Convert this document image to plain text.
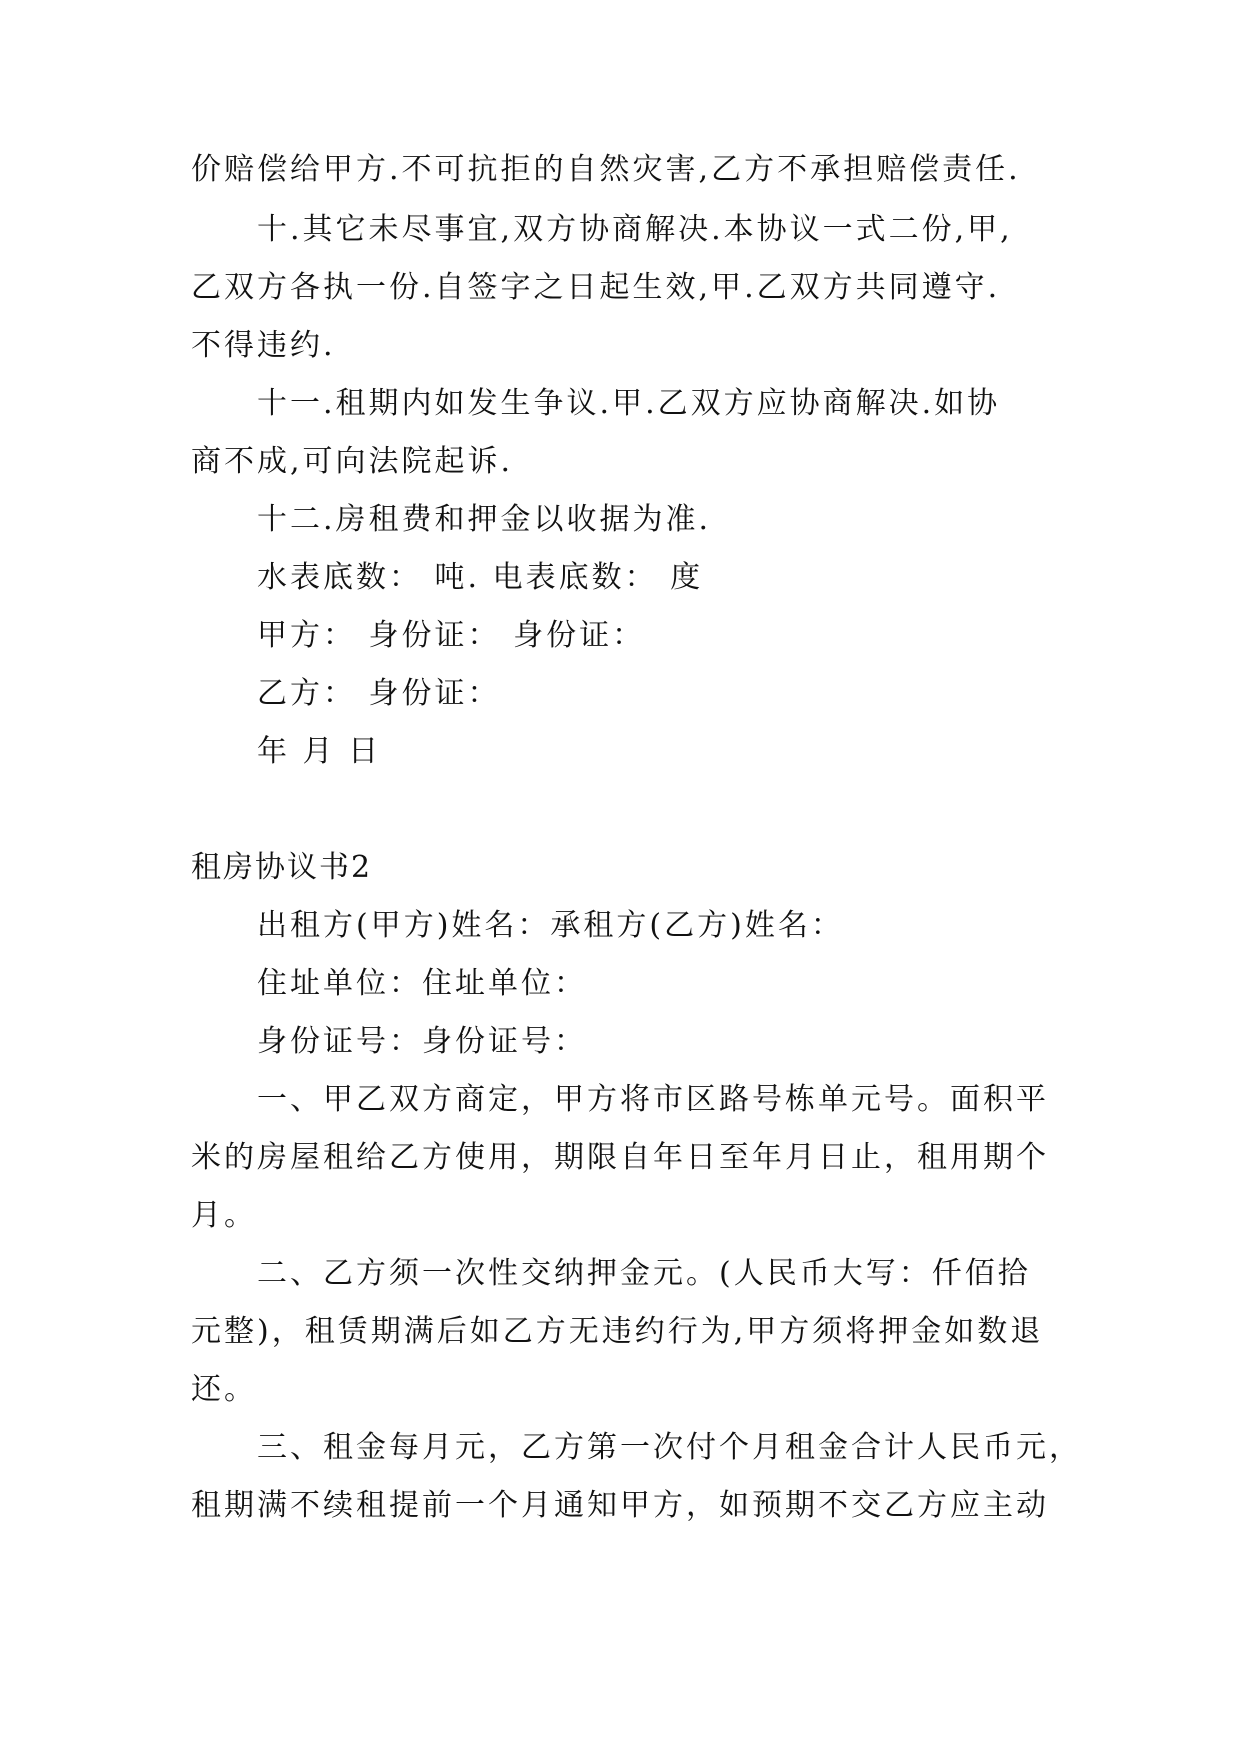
价赔偿给甲方.不可抗拒的自然灾害,乙方不承担赔偿责任.
十.其它未尽事宜,双方协商解决.本协议一式二份,甲,
乙双方各执一份.自签字之日起生效,甲.乙双方共同遵守.
不得违约.
十一.租期内如发生争议.甲.乙双方应协商解决.如协
商不成,可向法院起诉.
十二.房租费和押金以收据为准.
水表底数： 吨. 电表底数： 度
甲方： 身份证： 身份证：
乙方： 身份证：
年 月 日
租房协议书2
出租方(甲方)姓名：承租方(乙方)姓名：
住址单位：住址单位：
身份证号：身份证号：
一、甲乙双方商定，甲方将市区路号栋单元号。面积平
米的房屋租给乙方使用，期限自年日至年月日止，租用期个
月。
二、乙方须一次性交纳押金元。(人民币大写：仟佰拾
元整)，租赁期满后如乙方无违约行为,甲方须将押金如数退
还。
三、租金每月元，乙方第一次付个月租金合计人民币元，
租期满不续租提前一个月通知甲方，如预期不交乙方应主动
